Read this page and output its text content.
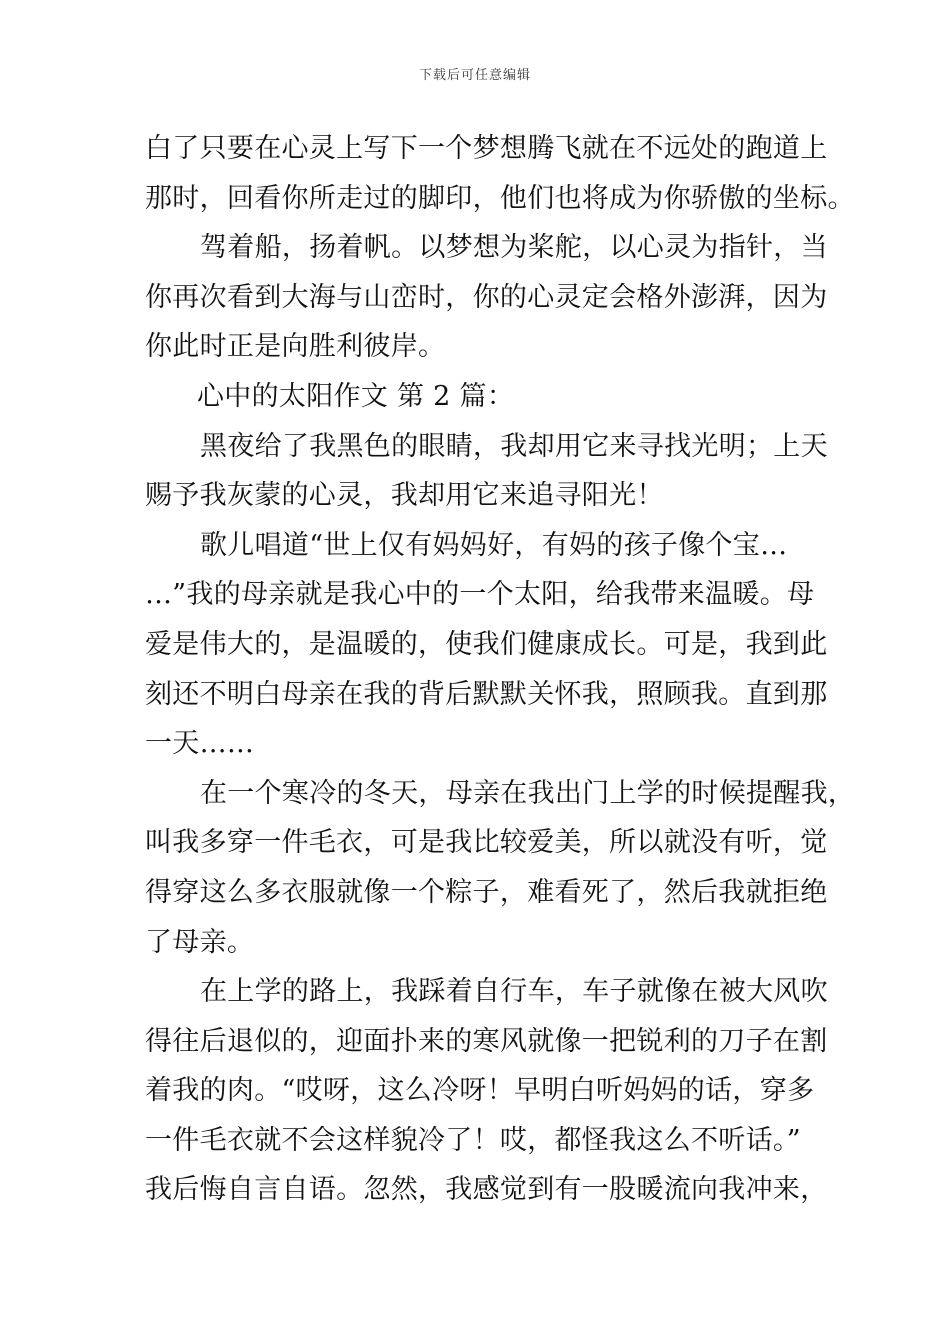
下载后可任意编辑
白了只要在心灵上写下一个梦想腾飞就在不远处的跑道上
那时，回看你所走过的脚印，他们也将成为你骄傲的坐标。
驾着船，扬着帆。以梦想为桨舵，以心灵为指针，当
你再次看到大海与山峦时，你的心灵定会格外澎湃，因为
你此时正是向胜利彼岸。
心中的太阳作文 第 2 篇：
黑夜给了我黑色的眼睛，我却用它来寻找光明；上天
赐予我灰蒙的心灵，我却用它来追寻阳光！
歌儿唱道“世上仅有妈妈好，有妈的孩子像个宝…
…”我的母亲就是我心中的一个太阳，给我带来温暖。母
爱是伟大的，是温暖的，使我们健康成长。可是，我到此
刻还不明白母亲在我的背后默默关怀我，照顾我。直到那
一天……
在一个寒冷的冬天，母亲在我出门上学的时候提醒我，
叫我多穿一件毛衣，可是我比较爱美，所以就没有听，觉
得穿这么多衣服就像一个粽子，难看死了，然后我就拒绝
了母亲。
在上学的路上，我踩着自行车，车子就像在被大风吹
得往后退似的，迎面扑来的寒风就像一把锐利的刀子在割
着我的肉。“哎呀，这么冷呀！早明白听妈妈的话，穿多
一件毛衣就不会这样貌冷了！哎，都怪我这么不听话。”
我后悔自言自语。忽然，我感觉到有一股暖流向我冲来，
